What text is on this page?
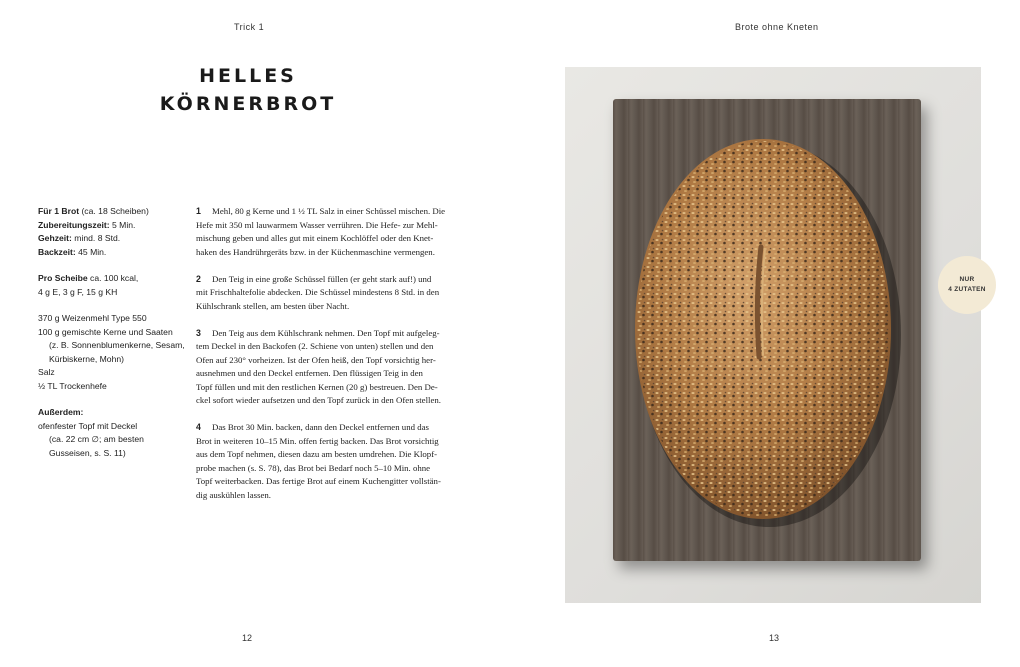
Trick 1	Brote ohne Kneten
HELLES
KÖRNERBROT
Für 1 Brot (ca. 18 Scheiben)
Zubereitungszeit: 5 Min.
Gehzeit: mind. 8 Std.
Backzeit: 45 Min.
Pro Scheibe ca. 100 kcal,
4 g E, 3 g F, 15 g KH
370 g Weizenmehl Type 550
100 g gemischte Kerne und Saaten
(z. B. Sonnenblumenkerne, Sesam,
Kürbiskerne, Mohn)
Salz
½ TL Trockenhefe
Außerdem:
ofenfester Topf mit Deckel
(ca. 22 cm ∅; am besten
Gusseisen, s. S. 11)
1 Mehl, 80 g Kerne und 1 ½ TL Salz in einer Schüssel mischen. Die
Hefe mit 350 ml lauwarmem Wasser verrühren. Die Hefe- zur Mehl-
mischung geben und alles gut mit einem Kochlöffel oder den Knet-
haken des Handrührgeräts bzw. in der Küchenmaschine vermengen.
2 Den Teig in eine große Schüssel füllen (er geht stark auf!) und
mit Frischhaltefolie abdecken. Die Schüssel mindestens 8 Std. in den
Kühlschrank stellen, am besten über Nacht.
3 Den Teig aus dem Kühlschrank nehmen. Den Topf mit aufgeleg-
tem Deckel in den Backofen (2. Schiene von unten) stellen und den
Ofen auf 230° vorheizen. Ist der Ofen heiß, den Topf vorsichtig her-
ausnehmen und den Deckel entfernen. Den flüssigen Teig in den
Topf füllen und mit den restlichen Kernen (20 g) bestreuen. Den De-
ckel sofort wieder aufsetzen und den Topf zurück in den Ofen stellen.
4 Das Brot 30 Min. backen, dann den Deckel entfernen und das
Brot in weiteren 10–15 Min. offen fertig backen. Das Brot vorsichtig
aus dem Topf nehmen, diesen dazu am besten umdrehen. Die Klopf-
probe machen (s. S. 78), das Brot bei Bedarf noch 5–10 Min. ohne
Topf weiterbacken. Das fertige Brot auf einem Kuchengitter vollstän-
dig auskühlen lassen.
NUR
4 ZUTATEN
12	13
